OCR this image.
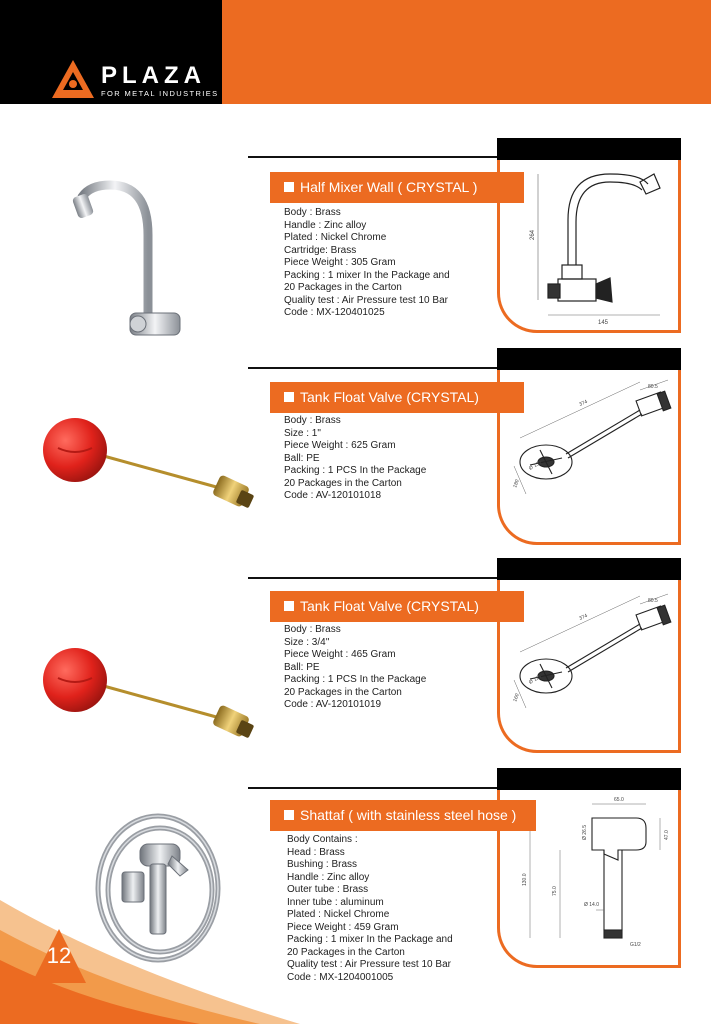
PLAZA
FOR METAL INDUSTRIES
264
145
Half Mixer Wall ( CRYSTAL )
Body : Brass
Handle : Zinc alloy
Plated : Nickel Chrome
Cartridge: Brass
Piece Weight : 305 Gram
Packing : 1 mixer In the Package and
20 Packages in the Carton
Quality test : Air Pressure test 10 Bar
Code : MX-120401025
374
80.5
180
Ø 130
Tank Float Valve (CRYSTAL)
Body : Brass
Size : 1"
Piece Weight : 625 Gram
Ball: PE
Packing : 1 PCS In the Package
20 Packages in the Carton
Code : AV-120101018
374
80.5
160
Ø 115
Tank Float Valve (CRYSTAL)
Body : Brass
Size : 3/4''
Piece Weight : 465 Gram
Ball: PE
Packing : 1 PCS In the Package
20 Packages in the Carton
Code : AV-120101019
65.0
Ø 26.5	47.0
130.0
75.0
Ø 14.0
G1/2
Shattaf ( with stainless steel hose )
Body Contains :
Head : Brass
Bushing : Brass
Handle : Zinc alloy
Outer tube : Brass
Inner tube : aluminum
Plated : Nickel Chrome
Piece Weight : 459 Gram
Packing : 1 mixer In the Package and
20 Packages in the Carton
Quality test : Air Pressure test 10 Bar
Code : MX-1204001005
12
